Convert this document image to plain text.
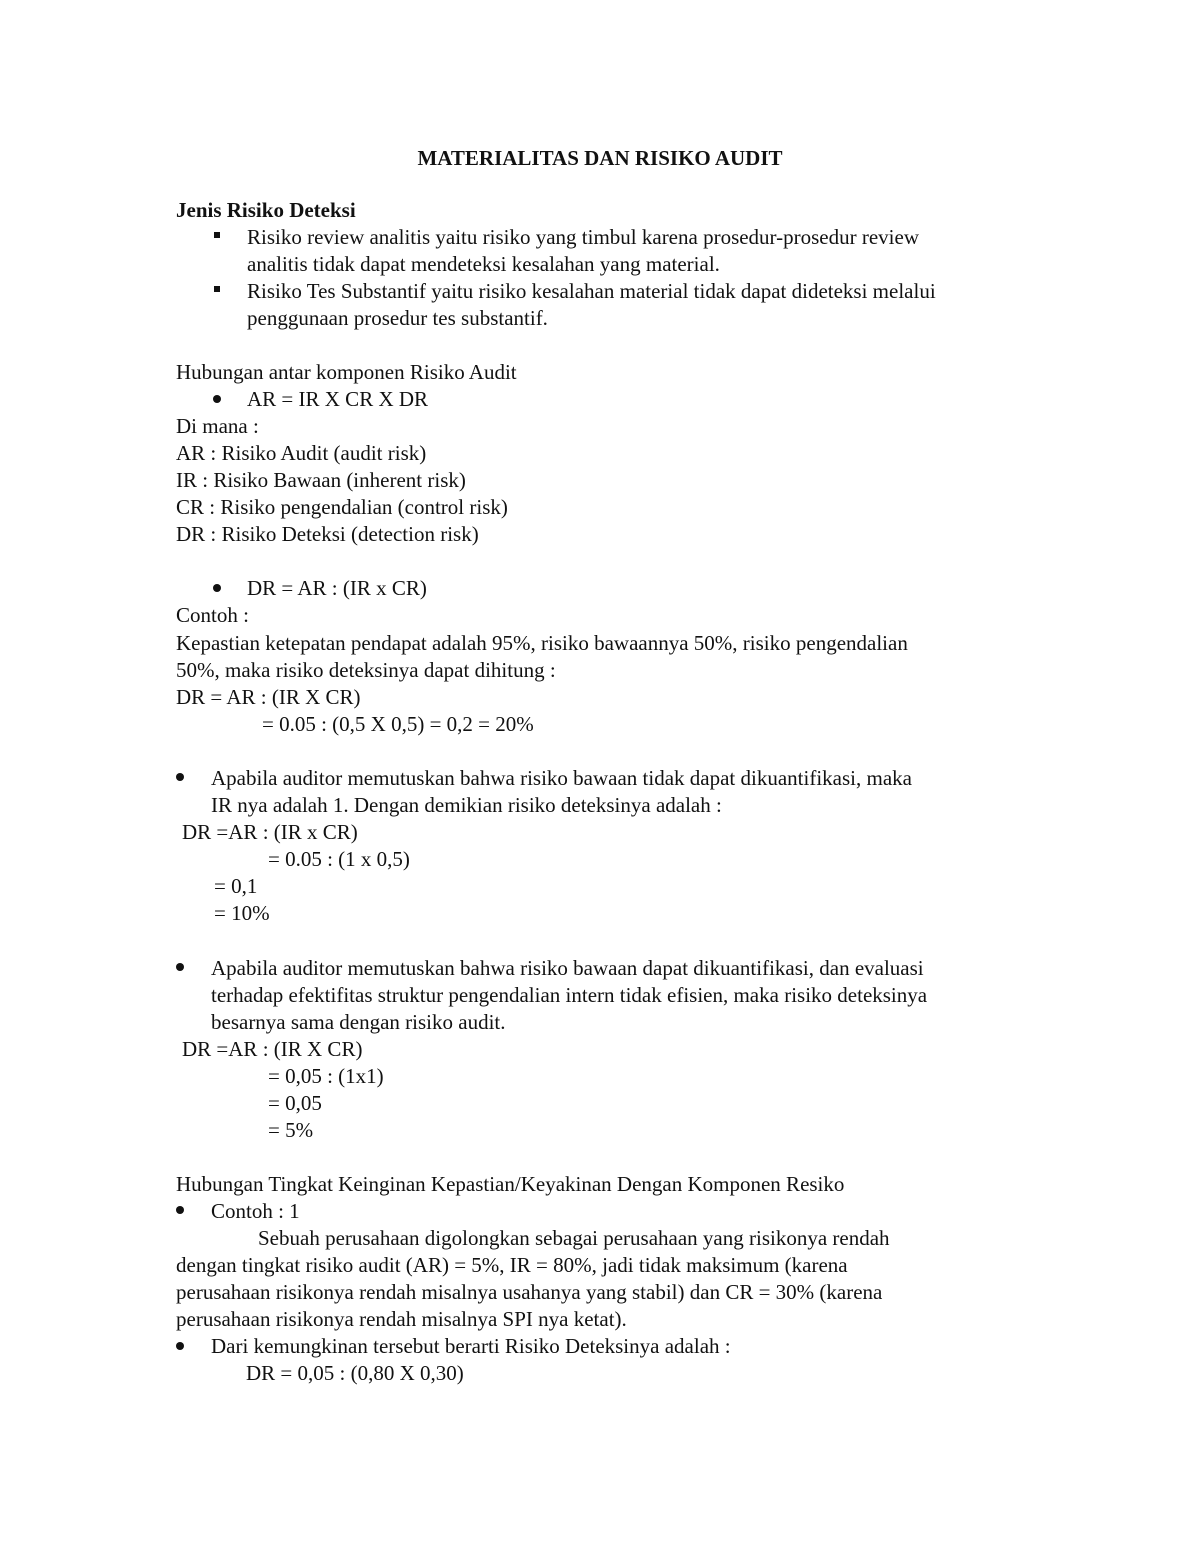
MATERIALITAS DAN RISIKO AUDIT
Jenis Risiko Deteksi
Risiko review analitis yaitu risiko yang timbul karena prosedur-prosedur review
analitis tidak dapat mendeteksi kesalahan yang material.
Risiko Tes Substantif yaitu risiko kesalahan material tidak dapat dideteksi melalui
penggunaan prosedur tes substantif.
Hubungan antar komponen Risiko Audit
AR = IR X CR X DR
Di mana :
AR : Risiko Audit (audit risk)
IR : Risiko Bawaan (inherent risk)
CR : Risiko pengendalian (control risk)
DR : Risiko Deteksi (detection risk)
DR = AR : (IR x CR)
Contoh :
Kepastian ketepatan pendapat adalah 95%, risiko bawaannya 50%, risiko pengendalian
50%, maka risiko deteksinya dapat dihitung :
DR = AR : (IR X CR)
= 0.05 : (0,5 X 0,5) = 0,2 = 20%
Apabila auditor memutuskan bahwa risiko bawaan tidak dapat dikuantifikasi, maka
IR nya adalah 1. Dengan demikian risiko deteksinya adalah :
DR =AR : (IR x CR)
= 0.05 : (1 x 0,5)
= 0,1
= 10%
Apabila auditor memutuskan bahwa risiko bawaan dapat dikuantifikasi, dan evaluasi
terhadap efektifitas struktur pengendalian intern tidak efisien, maka risiko deteksinya
besarnya sama dengan risiko audit.
DR =AR : (IR X CR)
= 0,05 : (1x1)
= 0,05
= 5%
Hubungan Tingkat Keinginan Kepastian/Keyakinan Dengan Komponen Resiko
Contoh : 1
Sebuah perusahaan digolongkan sebagai perusahaan yang risikonya rendah
dengan tingkat risiko audit (AR) = 5%, IR = 80%, jadi tidak maksimum (karena
perusahaan risikonya rendah misalnya usahanya yang stabil) dan CR = 30% (karena
perusahaan risikonya rendah misalnya SPI nya ketat).
Dari kemungkinan tersebut berarti Risiko Deteksinya adalah :
DR = 0,05 : (0,80 X 0,30)
